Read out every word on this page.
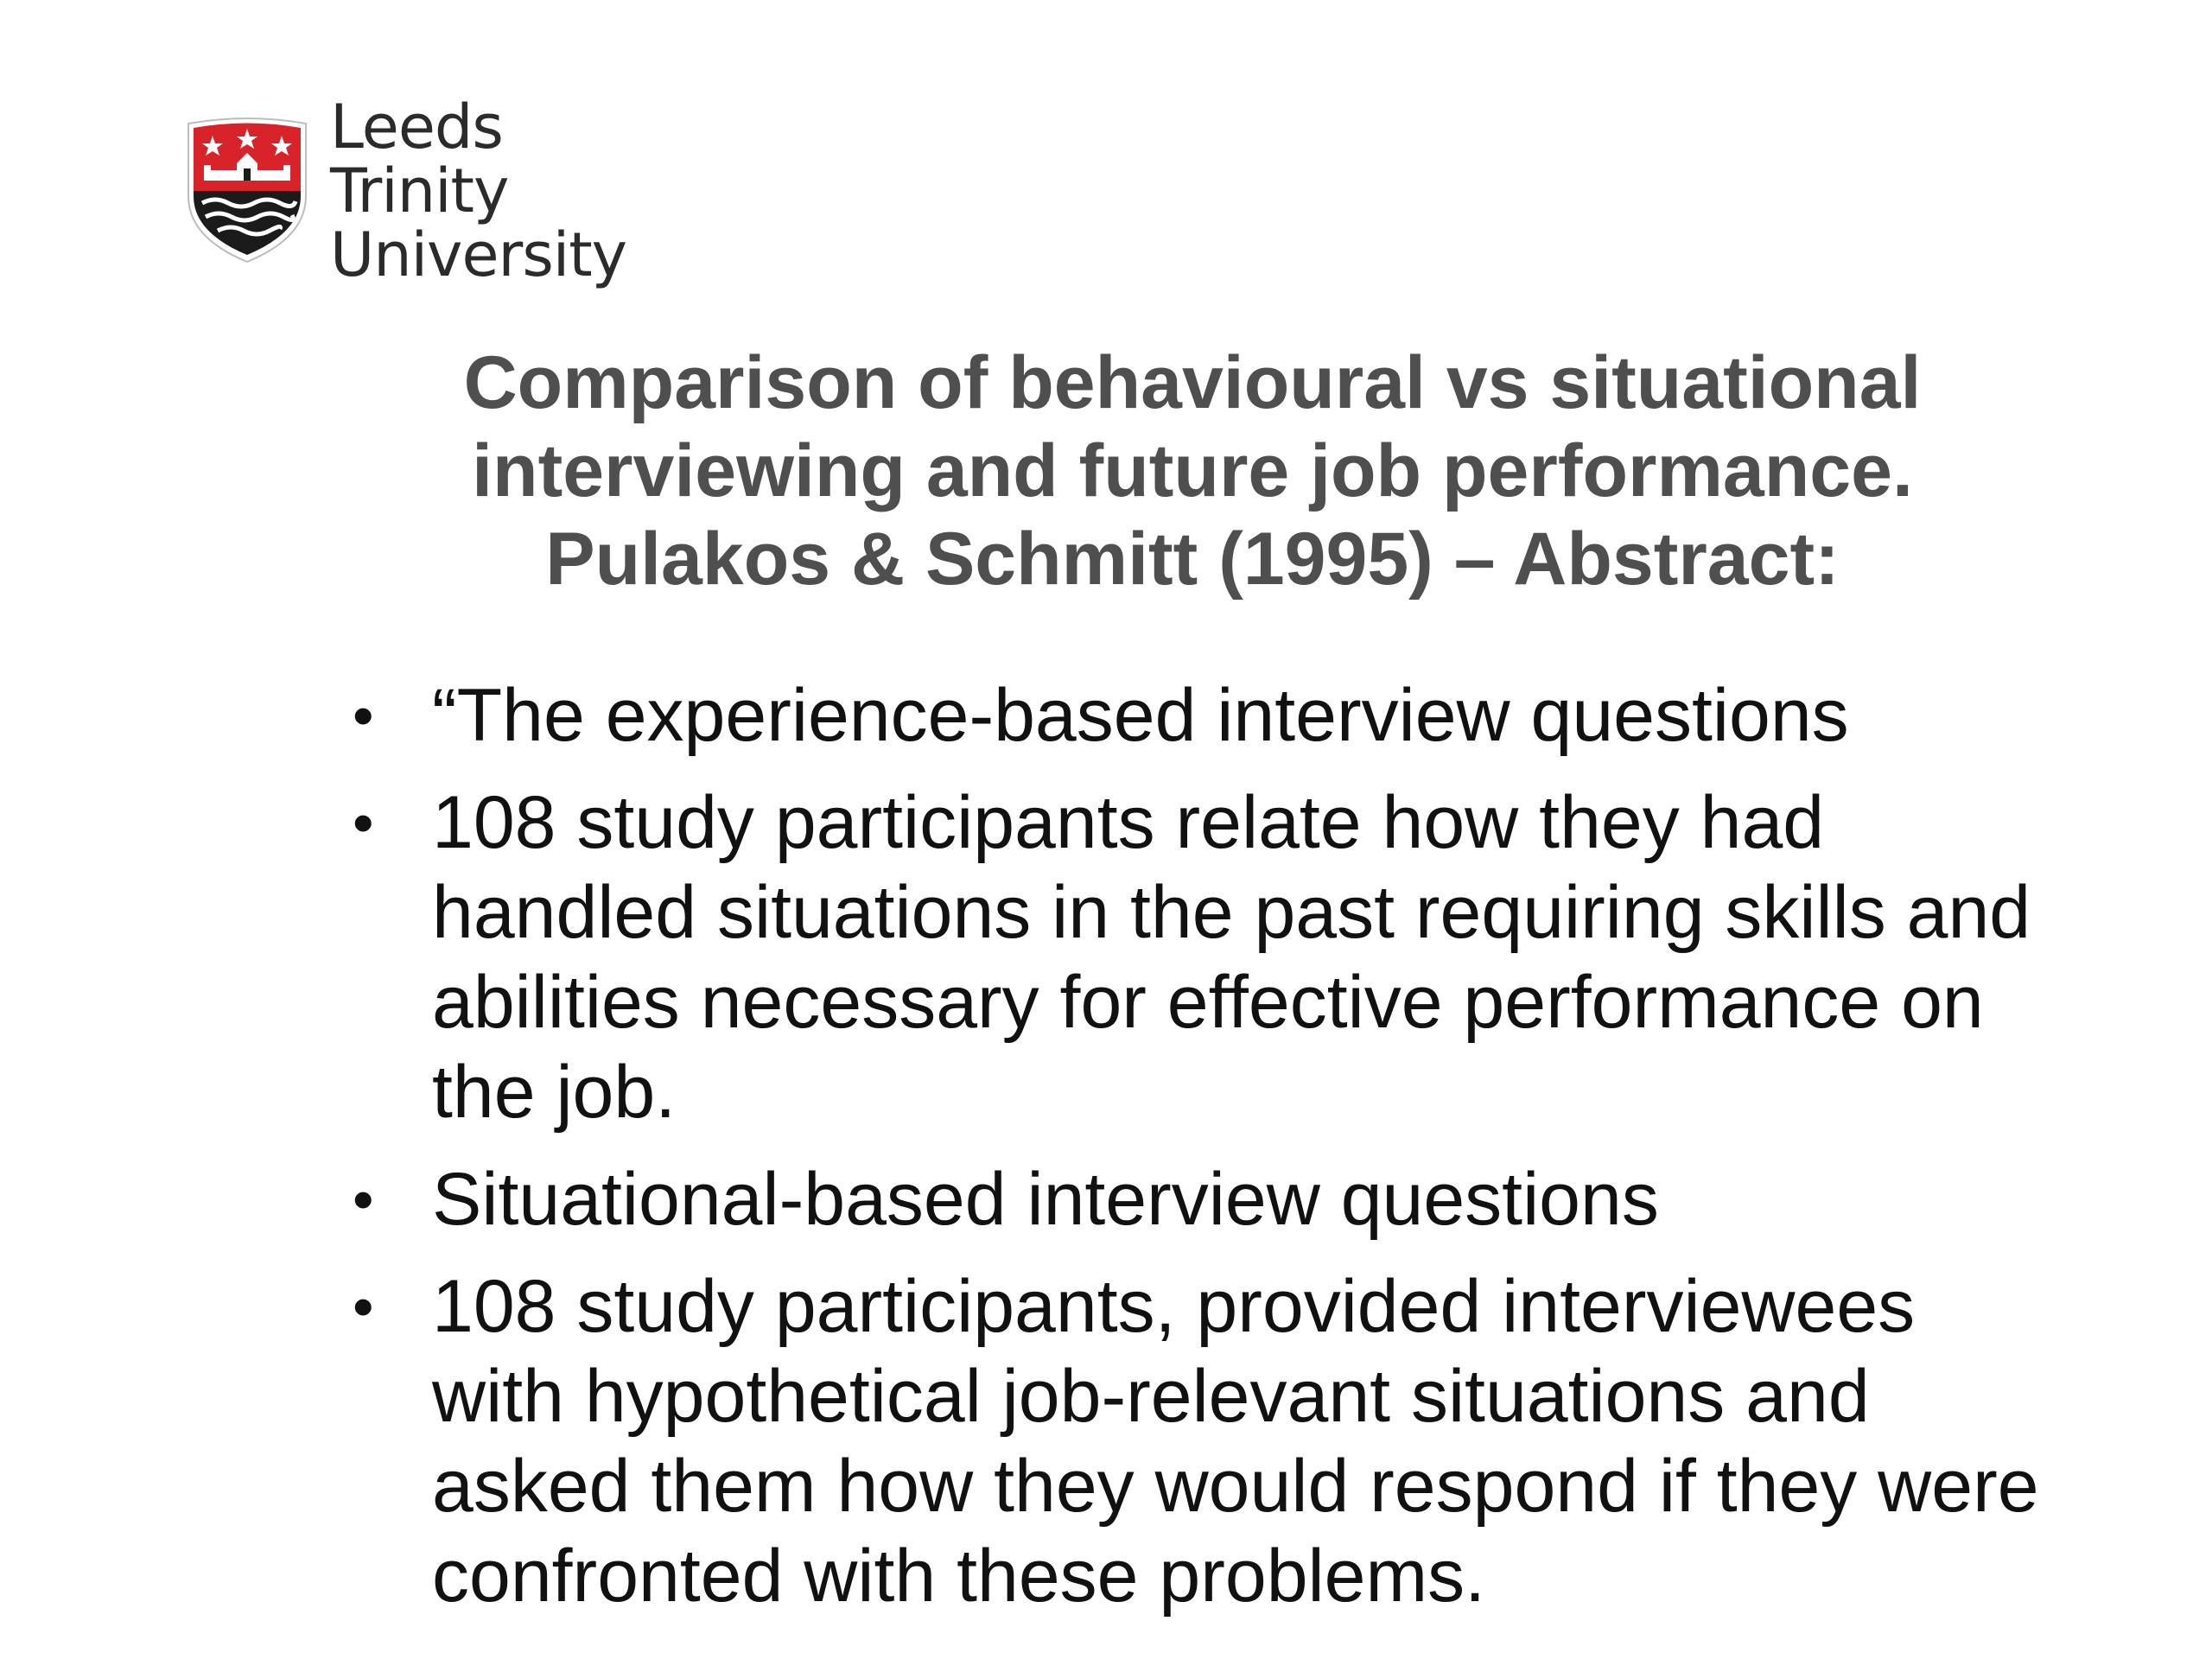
Leeds Trinity
University
Comparison of behavioural vs situational
interviewing and future job performance.
Pulakos & Schmitt (1995) – Abstract:
• “The experience-based interview questions
• 108 study participants relate how they had
handled situations in the past requiring skills and
abilities necessary for effective performance on
the job.
• Situational-based interview questions
• 108 study participants, provided interviewees
with hypothetical job-relevant situations and
asked them how they would respond if they were
confronted with these problems.
